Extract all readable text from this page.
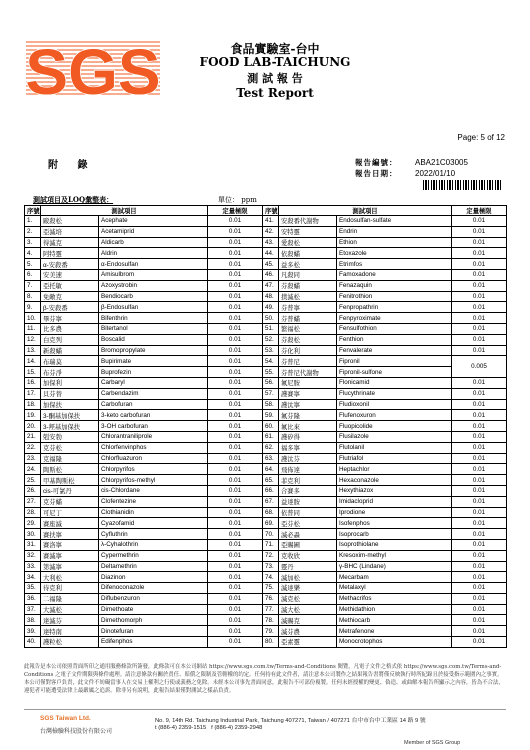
SGS	食品實驗室-台中
FOOD LAB-TAICHUNG
測 試 報 告
Test Report
Page: 5 of 12
附 錄	報告編號： ABA21C03005
報告日期： 2022/01/10
測試項目及LOQ彙整表：	單位： ppm
序號	測試項目		定量極限	序號	測試項目		定量極限
1.	毆殺松	Acephate	0.01	41.	安殺番代謝物	Endosulfan-sulfate	0.01
2.	亞滅培	Acetamiprid	0.01	42.	安特靈	Endrin	0.01
3.	得滅克	Aldicarb	0.01	43.	愛殺松	Ethion	0.01
4.	阿特靈	Aldrin	0.01	44.	依殺蟎	Etoxazole	0.01
5.	α-安殺番	α-Endosulfan	0.01	45.	益多松	Etrimfos	0.01
6.	安美速	Amisulbrom	0.01	46.	凡殺同	Famoxadone	0.01
7.	亞托敏	Azoxystrobin	0.01	47.	芬殺蟎	Fenazaquin	0.01
8.	免敵克	Bendiocarb	0.01	48.	撲滅松	Fenitrothion	0.01
9.	β-安殺番	β-Endosulfan	0.01	49.	芬普寧	Fenpropathrin	0.01
10.	畢芬寧	Bifenthrin	0.01	50.	芬普蟎	Fenpyroximate	0.01
11.	比多農	Bitertanol	0.01	51.	繁福松	Fensulfothion	0.01
12.	白克列	Boscalid	0.01	52.	芬殺松	Fenthion	0.01
13.	新殺蟎	Bromopropylate	0.01	53.	芬化利	Fenvalerate	0.01
14.	布瑞莫	Bupirimate	0.01	54.	芬普尼	Fipronil	0.005
15.	布芬淨	Buprofezin	0.01	55.	芬普尼代謝物	Fipronil-sulfone	
16.	加保利	Carbaryl	0.01	56.	氟尼胺	Flonicamid	0.01
17.	貝芬替	Carbendazim	0.01	57.	護賽寧	Flucythrinate	0.01
18.	加保扶	Carbofuran	0.01	58.	護汰寧	Fludioxonil	0.01
19.	3-酮基加保扶	3-keto carbofuran	0.01	59.	氟芬隆	Flufenoxuron	0.01
20.	3-羥基加保扶	3-OH carbofuran	0.01	60.	氟比來	Fluopicolide	0.01
21.	剋安勃	Chlorantraniliprole	0.01	61.	護矽得	Flusilazole	0.01
22.	克芬松	Chlorfenvinphos	0.01	62.	福多寧	Flutolanil	0.01
23.	克福隆	Chlorfluazuron	0.01	63.	護汰芬	Flutriafol	0.01
24.	陶斯松	Chlorpyrifos	0.01	64.	飛佈達	Heptachlor	0.01
25.	甲基陶斯松	Chlorpyrifos-methyl	0.01	65.	菲克利	Hexaconazole	0.01
26.	cis-可氯丹	cis-Chlordane	0.01	66.	合賽多	Hexythiazox	0.01
27.	克芬蟎	Clofentezine	0.01	67.	益達胺	Imidacloprid	0.01
28.	可尼丁	Clothianidin	0.01	68.	依普同	Iprodione	0.01
29.	賽座滅	Cyazofamid	0.01	69.	亞芬松	Isofenphos	0.01
30.	賽扶寧	Cyfluthrin	0.01	70.	滅必蝨	Isoprocarb	0.01
31.	賽洛寧	λ-Cyhalothrin	0.01	71.	亞賜圃	Isoprothiolane	0.01
32.	賽滅寧	Cypermethrin	0.01	72.	克收欣	Kresoxim-methyl	0.01
33.	第滅寧	Deltamethrin	0.01	73.	靈丹	γ-BHC (Lindane)	0.01
34.	大利松	Diazinon	0.01	74.	滅加松	Mecarbam	0.01
35.	待克利	Difenoconazole	0.01	75.	滅達樂	Metalaxyl	0.01
36.	二福隆	Diflubenzuron	0.01	76.	滅克松	Methacrifos	0.01
37.	大滅松	Dimethoate	0.01	77.	滅大松	Methidathion	0.01
38.	達滅芬	Dimethomorph	0.01	78.	滅賜克	Methiocarb	0.01
39.	達特南	Dinotefuran	0.01	79.	滅芬農	Metrafenone	0.01
40.	護粒松	Edifenphos	0.01	80.	亞素靈	Monocrotophos	0.01
此報告是本公司依照背面所印之通用服務條款所簽發，此條款可在本公司網站 https://www.sgs.com.tw/Terms-and-Conditions 閱覽，凡電子文件之格式依 https://www.sgs.com.tw/Terms-and-Conditions 之電子文件期限與條件處理。請注意條款有關於責任、賠償之限制及管轄權的約定。任何持有此文件者，請注意本公司製作之結果報告書將僅反映執行時所紀錄且於接受指示範圍內之事實。本公司僅對客戶負責，此文件不妨礙當事人在交易上權利之行使或義務之免除。未經本公司事先書面同意，此報告不可部份複製。任何未經授權的變更、偽造、或曲解本報告所顯示之內容，皆為不合法，違犯者可能遭受法律上最嚴厲之追訴。除非另有說明，此報告結果僅對測試之樣品負責。
SGS Taiwan Ltd.
台灣檢驗科技股份有限公司
No. 9, 14th Rd. Taichung Industrial Park, Taichung 407271, Taiwan / 407271 台中市台中工業區 14 路 9 號
t (886-4) 2359-1515 f (886-4) 2359-2948
Member of SGS Group
